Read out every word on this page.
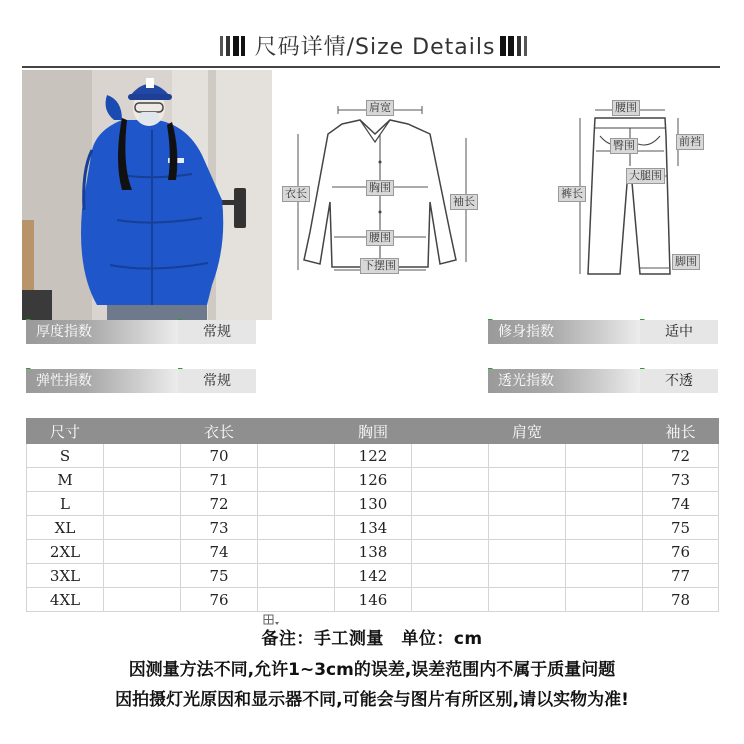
尺码详情/Size Details
肩宽
衣长	胸围
袖长
腰围
下摆围
腰围
前裆
臀围
大腿围
裤长
脚围
厚度指数	常规	修身指数	适中
弹性指数	常规	透光指数	不透
尺寸		衣长		胸围		肩宽		袖长
S		70		122				72
M		71		126				73
L		72		130				74
XL		73		134				75
2XL		74		138				76
3XL		75		142				77
4XL		76		146				78
备注：手工测量　单位：cm
因测量方法不同,允许1~3cm的误差,误差范围内不属于质量问题
因拍摄灯光原因和显示器不同,可能会与图片有所区别,请以实物为准!
